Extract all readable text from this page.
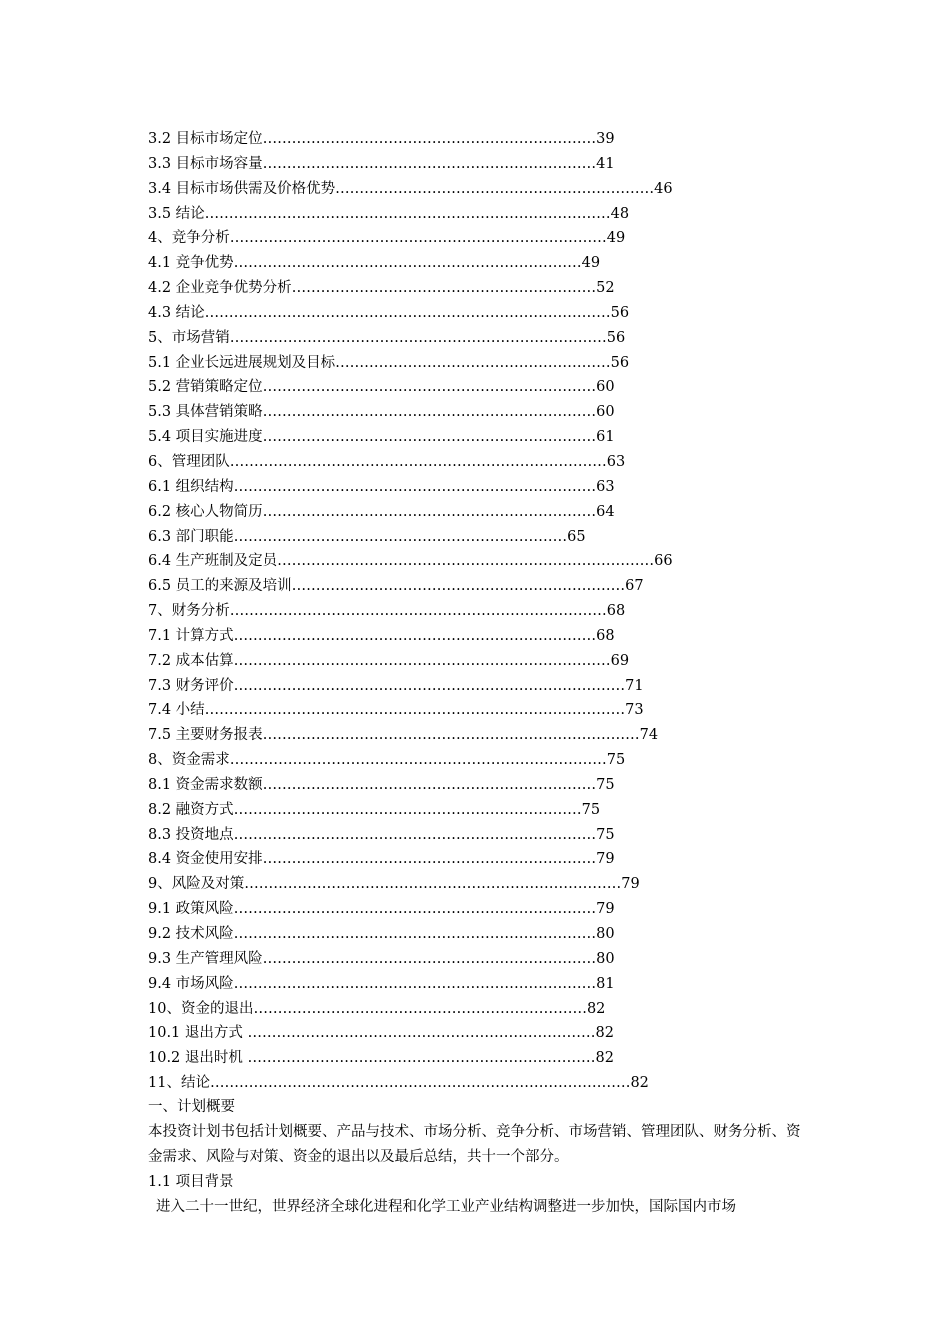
3.2 目标市场定位……………………………………………………………39
3.3 目标市场容量……………………………………………………………41
3.4 目标市场供需及价格优势…………………………………………………………46
3.5 结论…………………………………………………………………………48
4、竞争分析……………………………………………………………………49
4.1 竞争优势………………………………………………………………49
4.2 企业竞争优势分析………………………………………………………52
4.3 结论…………………………………………………………………………56
5、市场营销……………………………………………………………………56
5.1 企业长远进展规划及目标…………………………………………………56
5.2 营销策略定位……………………………………………………………60
5.3 具体营销策略……………………………………………………………60
5.4 项目实施进度……………………………………………………………61
6、管理团队……………………………………………………………………63
6.1 组织结构…………………………………………………………………63
6.2 核心人物简历……………………………………………………………64
6.3 部门职能……………………………………………………………65
6.4 生产班制及定员……………………………………………………………………66
6.5 员工的来源及培训……………………………………………………………67
7、财务分析……………………………………………………………………68
7.1 计算方式…………………………………………………………………68
7.2 成本估算……………………………………………………………………69
7.3 财务评价………………………………………………………………………71
7.4 小结……………………………………………………………………………73
7.5 主要财务报表……………………………………………………………………74
8、资金需求……………………………………………………………………75
8.1 资金需求数额……………………………………………………………75
8.2 融资方式………………………………………………………………75
8.3 投资地点…………………………………………………………………75
8.4 资金使用安排……………………………………………………………79
9、风险及对策……………………………………………………………………79
9.1 政策风险…………………………………………………………………79
9.2 技术风险…………………………………………………………………80
9.3 生产管理风险……………………………………………………………80
9.4 市场风险…………………………………………………………………81
10、资金的退出……………………………………………………………82
10.1 退出方式 ………………………………………………………………82
10.2 退出时机 ………………………………………………………………82
11、结论……………………………………………………………………………82

一、计划概要

本投资计划书包括计划概要、产品与技术、市场分析、竞争分析、市场营销、管理团队、财务分析、资金需求、风险与对策、资金的退出以及最后总结，共十一个部分。

1.1 项目背景

进入二十一世纪，世界经济全球化进程和化学工业产业结构调整进一步加快，国际国内市场
